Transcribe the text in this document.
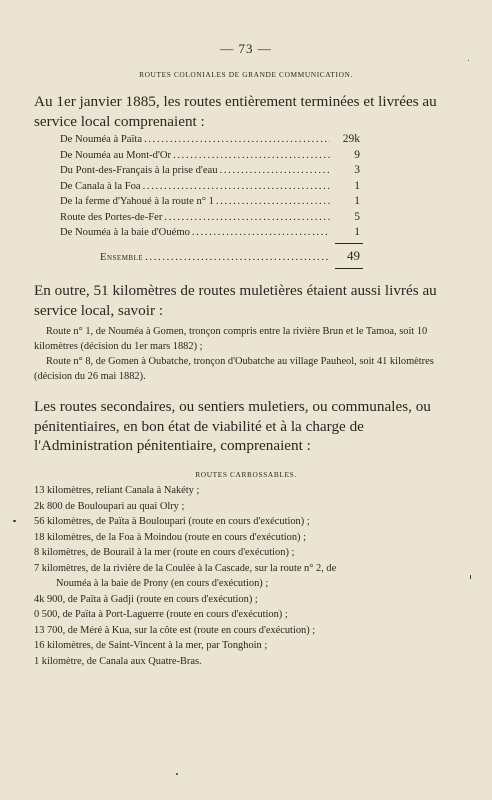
— 73 —
ROUTES COLONIALES DE GRANDE COMMUNICATION.
Au 1er janvier 1885, les routes entièrement terminées et livrées au service local comprenaient :
De Nouméa à Païta . . .	29k
De Nouméa au Mont-d'Or . . .	9
Du Pont-des-Français à la prise d'eau . . .	3
De Canala à la Foa . . .	1
De la ferme d'Yahoué à la route n° 1 . . .	1
Route des Portes-de-Fer . . .	5
De Nouméa à la baie d'Ouémo . . .	1
Ensemble . . .	49
En outre, 51 kilomètres de routes muletières étaient aussi livrés au service local, savoir :
Route n° 1, de Nouméa à Gomen, tronçon compris entre la rivière Brun et le Tamoa, soit 10 kilomètres (décision du 1er mars 1882) ;
Route n° 8, de Gomen à Oubatche, tronçon d'Oubatche au village Pauheol, soit 41 kilomètres (décision du 26 mai 1882).
Les routes secondaires, ou sentiers muletiers, ou communales, ou pénitentiaires, en bon état de viabilité et à la charge de l'Administration pénitentiaire, comprenaient :
ROUTES CARROSSABLES.
13 kilomètres, reliant Canala à Nakéty ;
2k 800 de Bouloupari au quai Olry ;
56 kilomètres, de Païta à Bouloupari (route en cours d'exécution) ;
18 kilomètres, de la Foa à Moindou (route en cours d'exécution) ;
8 kilomètres, de Bourail à la mer (route en cours d'exécution) ;
7 kilomètres, de la rivière de la Coulée à la Cascade, sur la route n° 2, de
Nouméa à la baie de Prony (en cours d'exécution) ;
4k 900, de Païta à Gadji (route en cours d'exécution) ;
0 500, de Païta à Port-Laguerre (route en cours d'exécution) ;
13 700, de Méré à Kua, sur la côte est (route en cours d'exécution) ;
16 kilomètres, de Saint-Vincent à la mer, par Tonghoin ;
1 kilomètre, de Canala aux Quatre-Bras.
